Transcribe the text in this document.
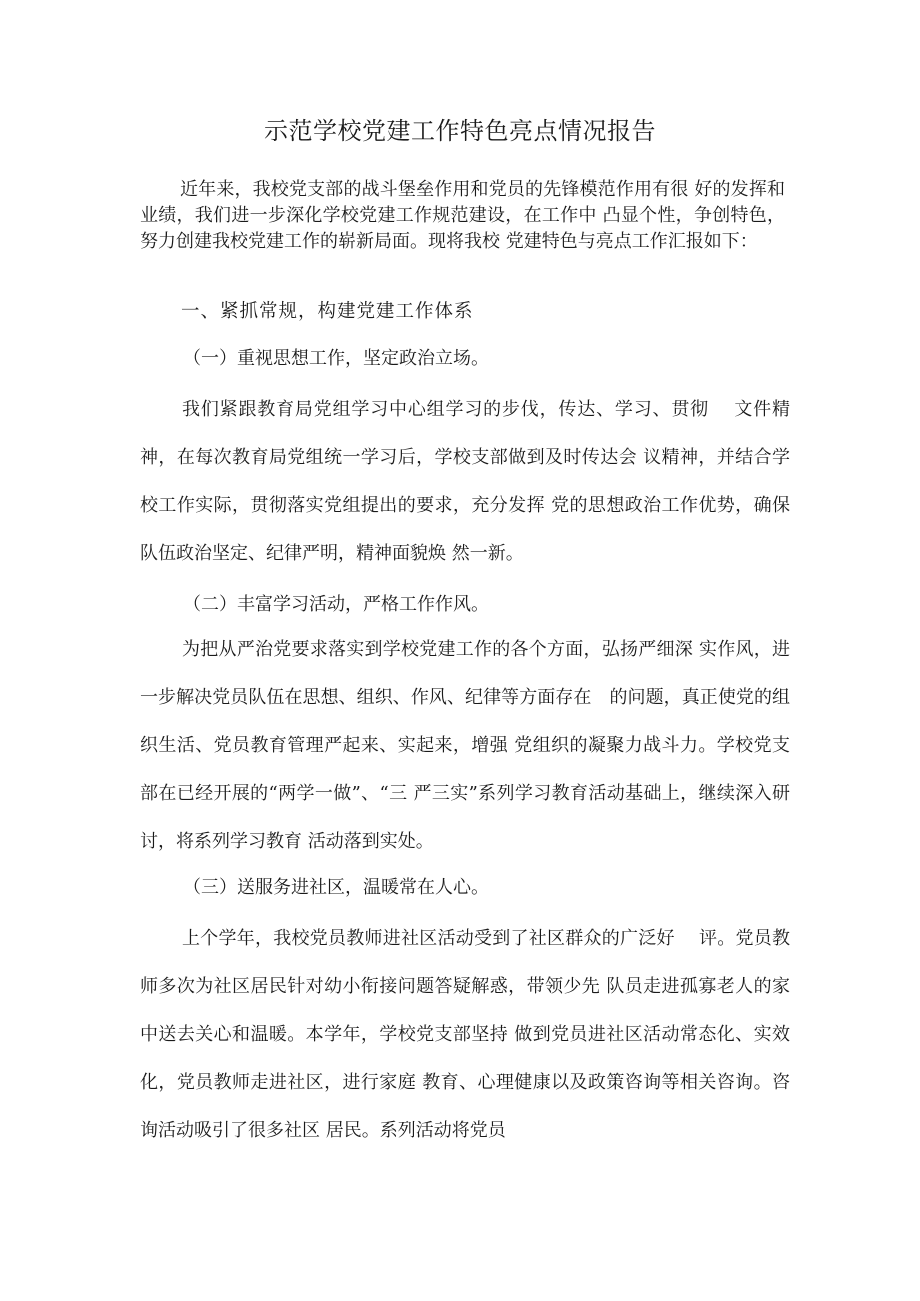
示范学校党建工作特色亮点情况报告

近年来，我校党支部的战斗堡垒作用和党员的先锋模范作用有很 好的发挥和业绩，我们进一步深化学校党建工作规范建设，在工作中 凸显个性，争创特色，努力创建我校党建工作的崭新局面。现将我校 党建特色与亮点工作汇报如下：

一、紧抓常规，构建党建工作体系
（一）重视思想工作，坚定政治立场。

我们紧跟教育局党组学习中心组学习的步伐，传达、学习、贯彻　 文件精神，在每次教育局党组统一学习后，学校支部做到及时传达会 议精神，并结合学校工作实际，贯彻落实党组提出的要求，充分发挥 党的思想政治工作优势，确保队伍政治坚定、纪律严明，精神面貌焕 然一新。

（二）丰富学习活动，严格工作作风。

为把从严治党要求落实到学校党建工作的各个方面，弘扬严细深 实作风，进一步解决党员队伍在思想、组织、作风、纪律等方面存在　的问题，真正使党的组织生活、党员教育管理严起来、实起来，增强 党组织的凝聚力战斗力。学校党支部在已经开展的“两学一做”、“三 严三实”系列学习教育活动基础上，继续深入研讨，将系列学习教育 活动落到实处。

（三）送服务进社区，温暖常在人心。

上个学年，我校党员教师进社区活动受到了社区群众的广泛好　 评。党员教师多次为社区居民针对幼小衔接问题答疑解惑，带领少先 队员走进孤寡老人的家中送去关心和温暖。本学年，学校党支部坚持 做到党员进社区活动常态化、实效化，党员教师走进社区，进行家庭 教育、心理健康以及政策咨询等相关咨询。咨询活动吸引了很多社区 居民。系列活动将党员
